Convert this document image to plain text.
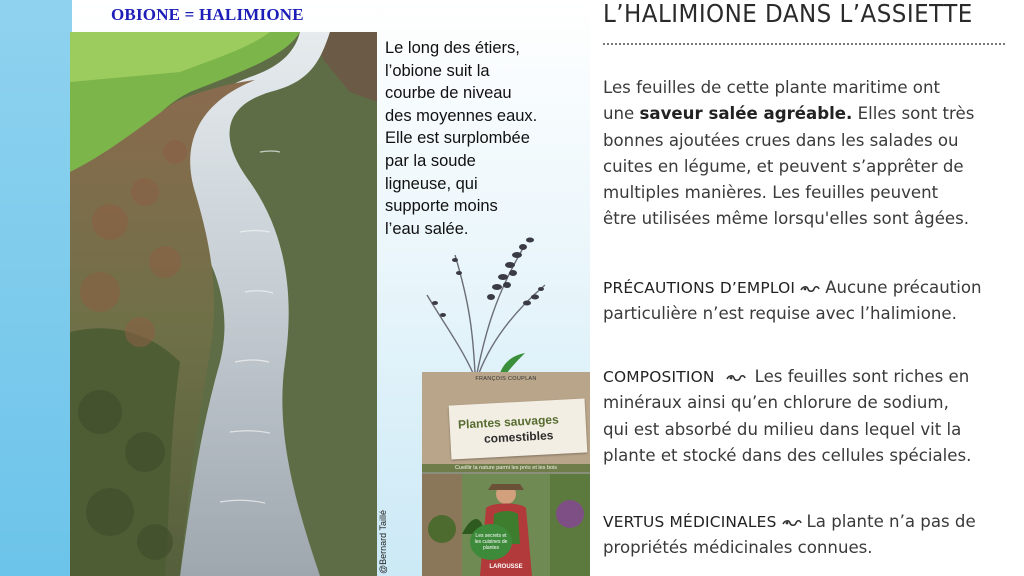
OBIONE = HALIMIONE
@Bernard Taillé
Le long des étiers,
l’obione suit la
courbe de niveau
des moyennes eaux.
Elle est surplombée
par la soude
ligneuse, qui
supporte moins
l’eau salée.
FRANÇOIS COUPLAN
Plantes sauvages
comestibles
Cueillir la nature parmi les prés et les bois
Les secrets et les cuisines de plantes
LAROUSSE
L’HALIMIONE DANS L’ASSIETTE
Les feuilles de cette plante maritime ont
une saveur salée agréable. Elles sont très
bonnes ajoutées crues dans les salades ou
cuites en légume, et peuvent s’apprêter de
multiples manières. Les feuilles peuvent
être utilisées même lorsqu'elles sont âgées.
PRÉCAUTIONS D’EMPLOI Aucune précaution
particulière n’est requise avec l’halimione.
COMPOSITION Les feuilles sont riches en
minéraux ainsi qu’en chlorure de sodium,
qui est absorbé du milieu dans lequel vit la
plante et stocké dans des cellules spéciales.
VERTUS MÉDICINALES La plante n’a pas de
propriétés médicinales connues.
